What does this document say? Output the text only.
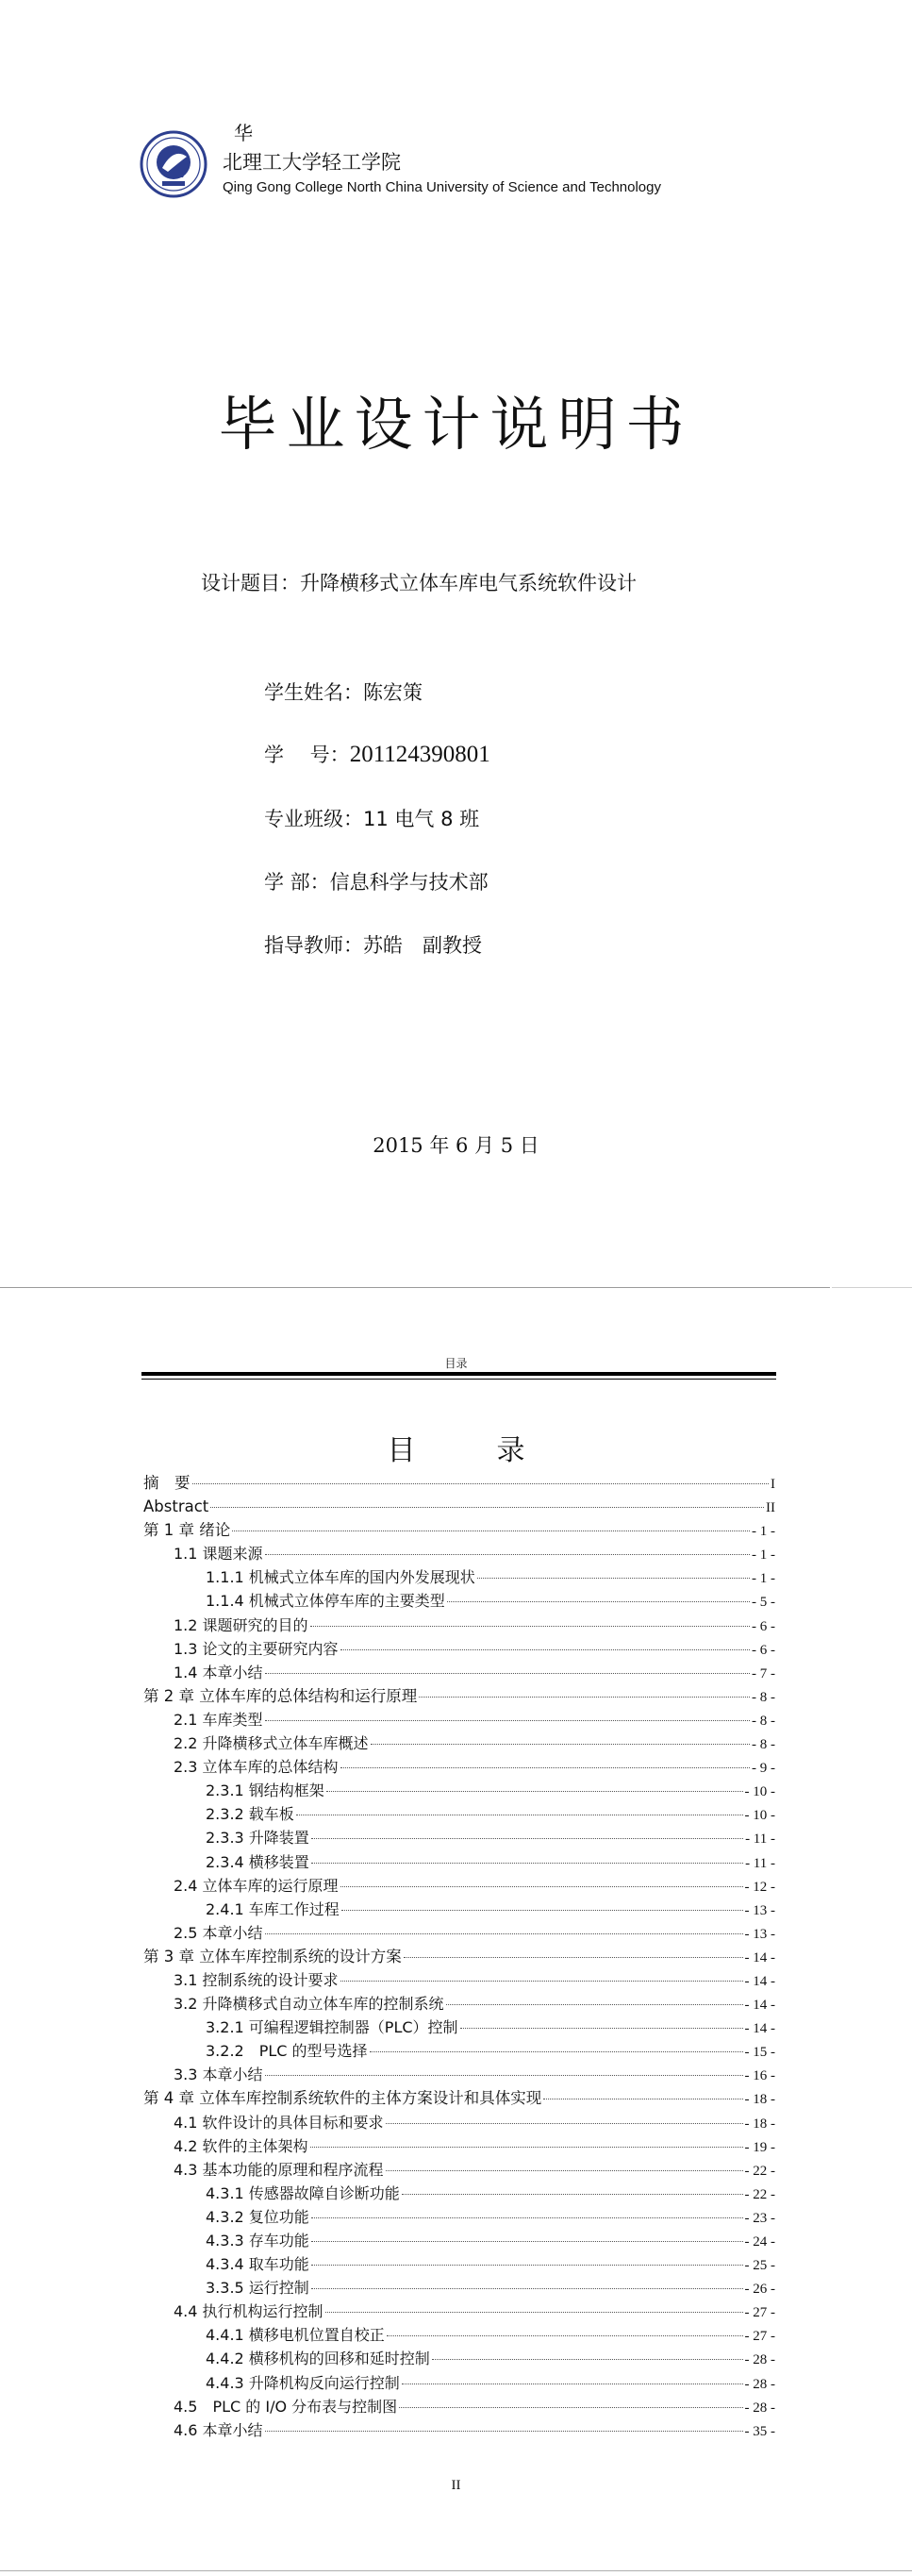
华
北理工大学轻工学院
Qing Gong College North China University of Science and Technology
毕业设计说明书
设计题目：升降横移式立体车库电气系统软件设计
学生姓名：陈宏策
学　 号：201124390801
专业班级：11 电气 8 班
学 部：信息科学与技术部
指导教师：苏皓　副教授
2015 年 6 月 5 日
目录
目　录
摘　要	I
Abstract	II
第 1 章 绪论	- 1 -
1.1 课题来源	- 1 -
1.1.1 机械式立体车库的国内外发展现状	- 1 -
1.1.4 机械式立体停车库的主要类型	- 5 -
1.2 课题研究的目的	- 6 -
1.3 论文的主要研究内容	- 6 -
1.4 本章小结	- 7 -
第 2 章 立体车库的总体结构和运行原理	- 8 -
2.1 车库类型	- 8 -
2.2 升降横移式立体车库概述	- 8 -
2.3 立体车库的总体结构	- 9 -
2.3.1 钢结构框架	- 10 -
2.3.2 载车板	- 10 -
2.3.3 升降装置	- 11 -
2.3.4 横移装置	- 11 -
2.4 立体车库的运行原理	- 12 -
2.4.1 车库工作过程	- 13 -
2.5 本章小结	- 13 -
第 3 章 立体车库控制系统的设计方案	- 14 -
3.1 控制系统的设计要求	- 14 -
3.2 升降横移式自动立体车库的控制系统	- 14 -
3.2.1 可编程逻辑控制器（PLC）控制	- 14 -
3.2.2　PLC 的型号选择	- 15 -
3.3 本章小结	- 16 -
第 4 章 立体车库控制系统软件的主体方案设计和具体实现	- 18 -
4.1 软件设计的具体目标和要求	- 18 -
4.2 软件的主体架构	- 19 -
4.3 基本功能的原理和程序流程	- 22 -
4.3.1 传感器故障自诊断功能	- 22 -
4.3.2 复位功能	- 23 -
4.3.3 存车功能	- 24 -
4.3.4 取车功能	- 25 -
3.3.5 运行控制	- 26 -
4.4 执行机构运行控制	- 27 -
4.4.1 横移电机位置自校正	- 27 -
4.4.2 横移机构的回移和延时控制	- 28 -
4.4.3 升降机构反向运行控制	- 28 -
4.5　PLC 的 I/O 分布表与控制图	- 28 -
4.6 本章小结	- 35 -
II
